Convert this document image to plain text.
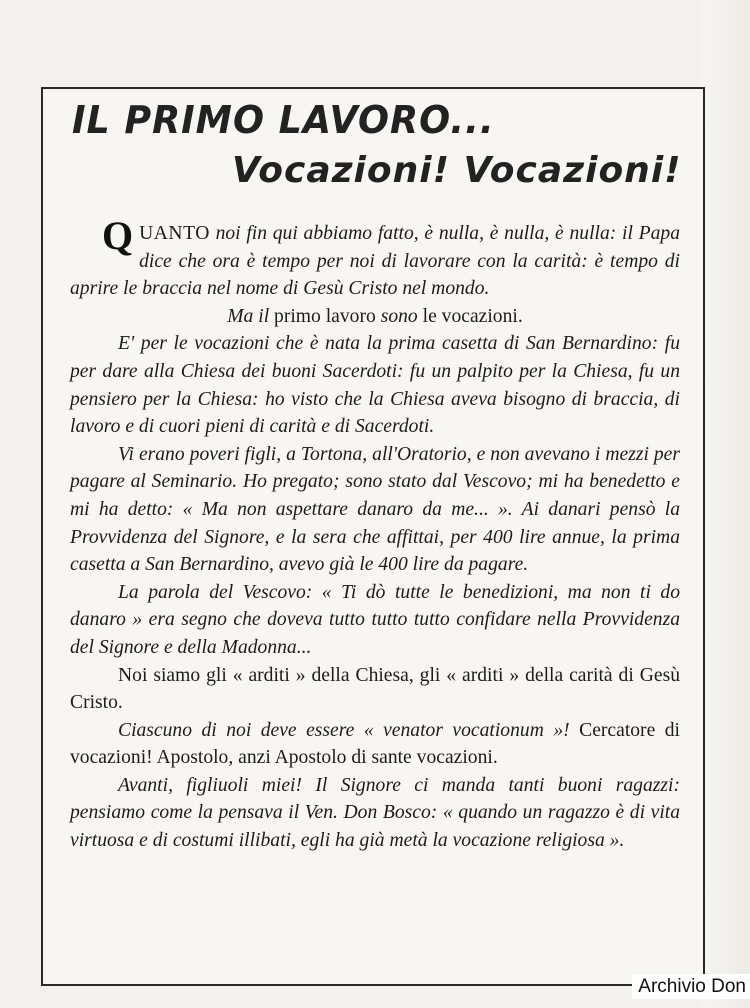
IL PRIMO LAVORO...
Vocazioni! Vocazioni!

QUANTO noi fin qui abbiamo fatto, è nulla, è nulla, è nulla: il Papa dice che ora è tempo per noi di lavorare con la carità: è tempo di aprire le braccia nel nome di Gesù Cristo nel mondo.

Ma il primo lavoro sono le vocazioni.

E' per le vocazioni che è nata la prima casetta di San Bernardino: fu per dare alla Chiesa dei buoni Sacerdoti: fu un palpito per la Chiesa, fu un pensiero per la Chiesa: ho visto che la Chiesa aveva bisogno di braccia, di lavoro e di cuori pieni di carità e di Sacerdoti.

Vi erano poveri figli, a Tortona, all'Oratorio, e non avevano i mezzi per pagare al Seminario. Ho pregato; sono stato dal Vescovo; mi ha benedetto e mi ha detto: « Ma non aspettare danaro da me... ». Ai danari pensò la Provvidenza del Signore, e la sera che affittai, per 400 lire annue, la prima casetta a San Bernardino, avevo già le 400 lire da pagare.

La parola del Vescovo: « Ti dò tutte le benedizioni, ma non ti do danaro » era segno che doveva tutto tutto tutto confidare nella Provvidenza del Signore e della Madonna...

Noi siamo gli « arditi » della Chiesa, gli « arditi » della carità di Gesù Cristo.

Ciascuno di noi deve essere « venator vocationum »! Cercatore di vocazioni! Apostolo, anzi Apostolo di sante vocazioni.

Avanti, figliuoli miei! Il Signore ci manda tanti buoni ragazzi: pensiamo come la pensava il Ven. Don Bosco: « quando un ragazzo è di vita virtuosa e di costumi illibati, egli ha già metà la vocazione religiosa ».

Archivio Don
